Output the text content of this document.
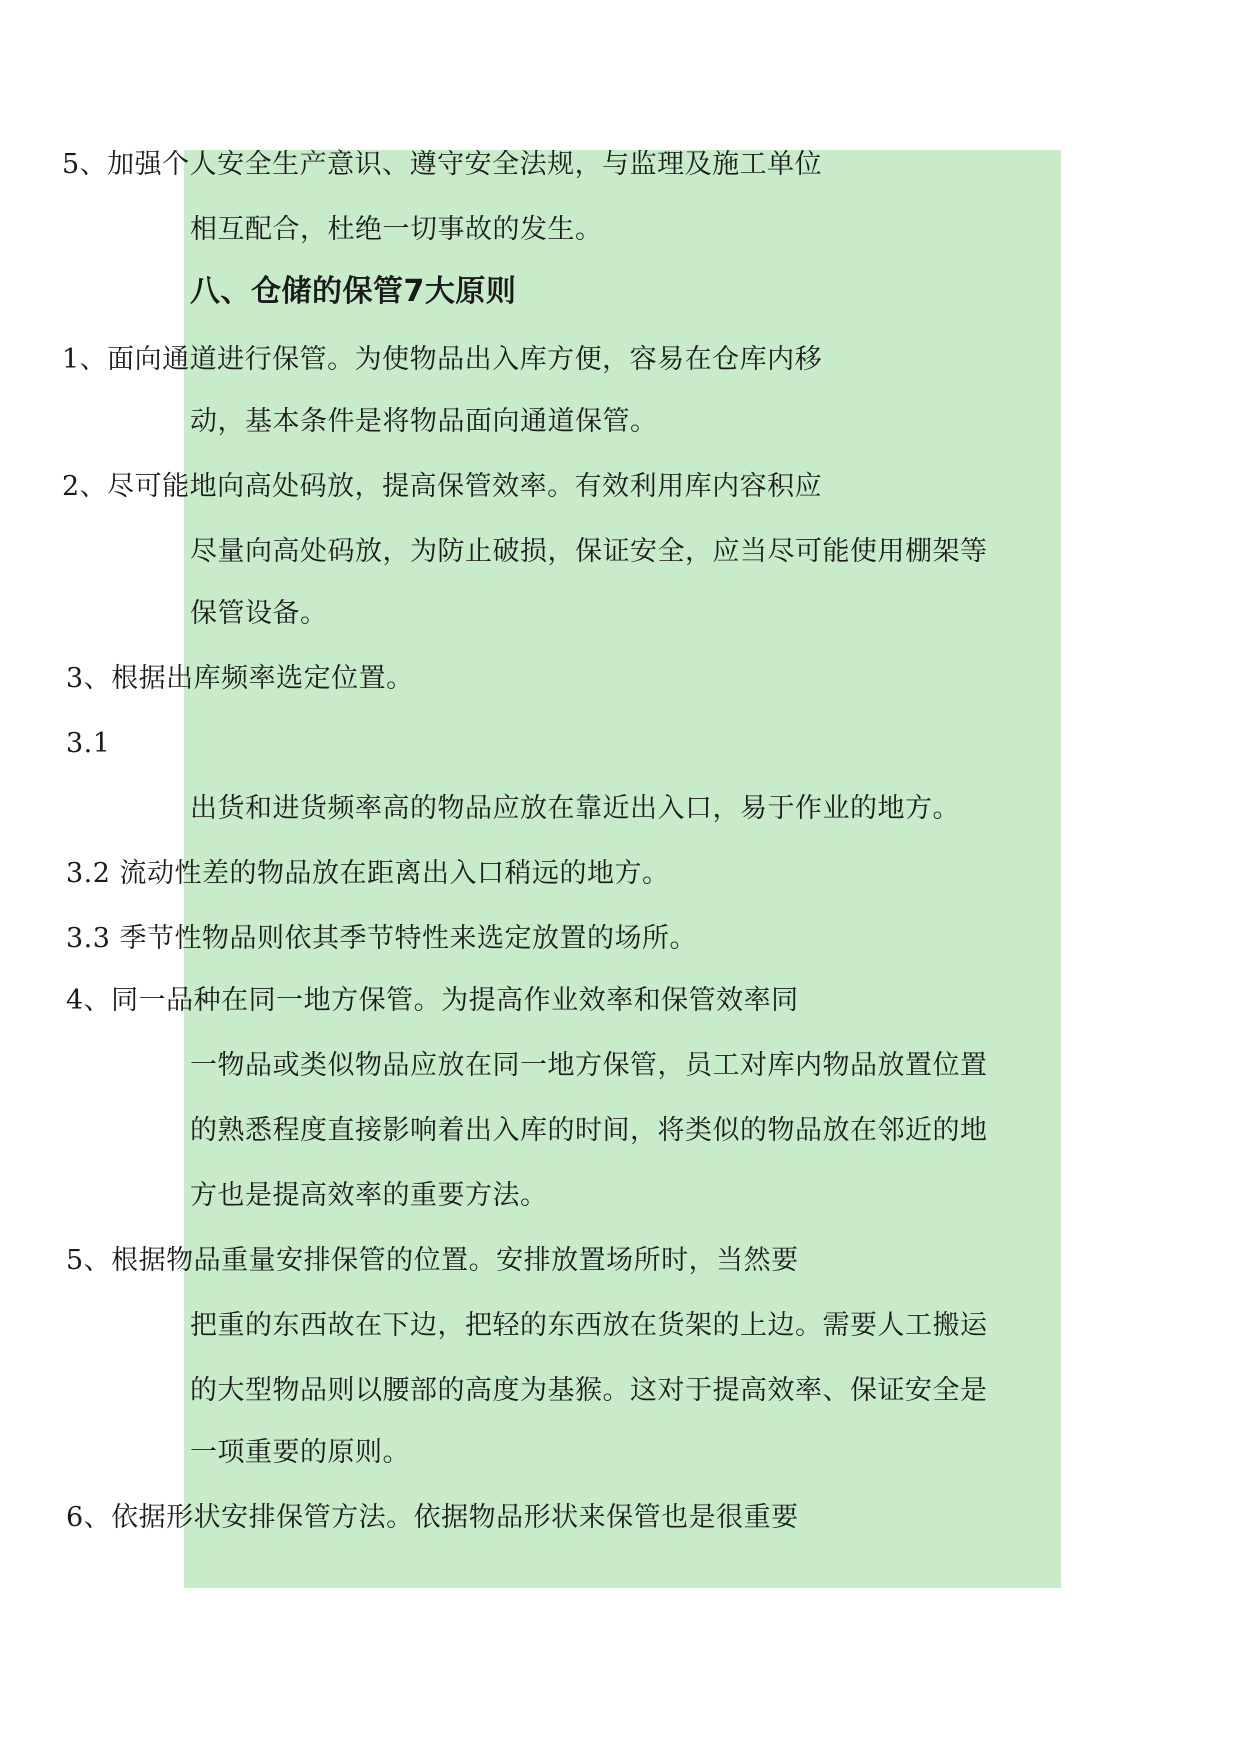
5、加强个人安全生产意识、遵守安全法规，与监理及施工单位
相互配合，杜绝一切事故的发生。
八、仓储的保管7大原则
1、面向通道进行保管。为使物品出入库方便，容易在仓库内移
动，基本条件是将物品面向通道保管。
2、尽可能地向高处码放，提高保管效率。有效利用库内容积应
尽量向高处码放，为防止破损，保证安全，应当尽可能使用棚架等
保管设备。
3、根据出库频率选定位置。
3.1
出货和进货频率高的物品应放在靠近出入口，易于作业的地方。
3.2 流动性差的物品放在距离出入口稍远的地方。
3.3 季节性物品则依其季节特性来选定放置的场所。
4、同一品种在同一地方保管。为提高作业效率和保管效率同
一物品或类似物品应放在同一地方保管，员工对库内物品放置位置
的熟悉程度直接影响着出入库的时间，将类似的物品放在邻近的地
方也是提高效率的重要方法。
5、根据物品重量安排保管的位置。安排放置场所时，当然要
把重的东西故在下边，把轻的东西放在货架的上边。需要人工搬运
的大型物品则以腰部的高度为基猴。这对于提高效率、保证安全是
一项重要的原则。
6、依据形状安排保管方法。依据物品形状来保管也是很重要
